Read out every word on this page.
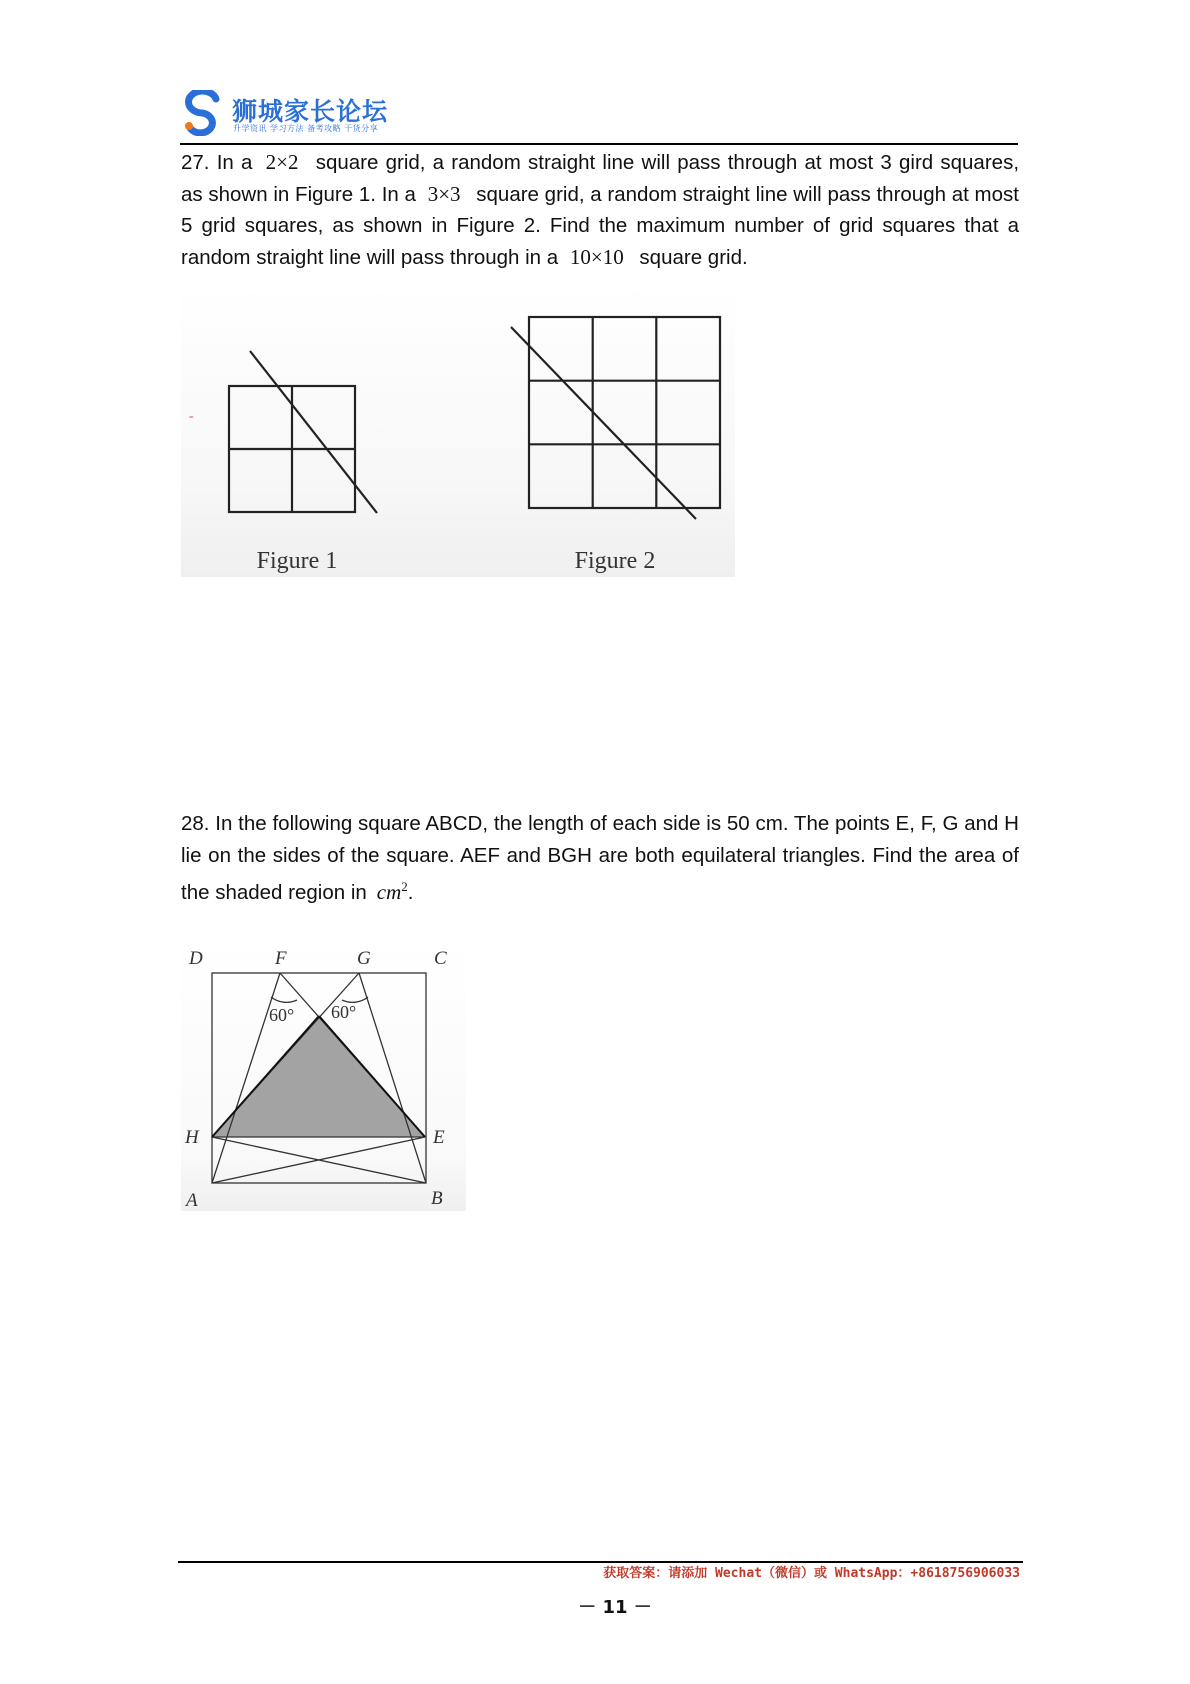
狮城家长论坛
升学资讯 学习方法 备考攻略 干货分享
27. In a 2×2 square grid, a random straight line will pass through at most 3 gird squares, as shown in Figure 1. In a 3×3 square grid, a random straight line will pass through at most 5 grid squares, as shown in Figure 2. Find the maximum number of grid squares that a random straight line will pass through in a 10×10 square grid.
-
Figure 1	Figure 2
28. In the following square ABCD, the length of each side is 50 cm. The points E, F, G and H lie on the sides of the square. AEF and BGH are both equilateral triangles. Find the area of the shaded region in $cm^2$.
D	F	G	C
H	E
A	B
60° 60°
获取答案：请添加 Wechat（微信）或 WhatsApp：+8618756906033
－ 11 －
